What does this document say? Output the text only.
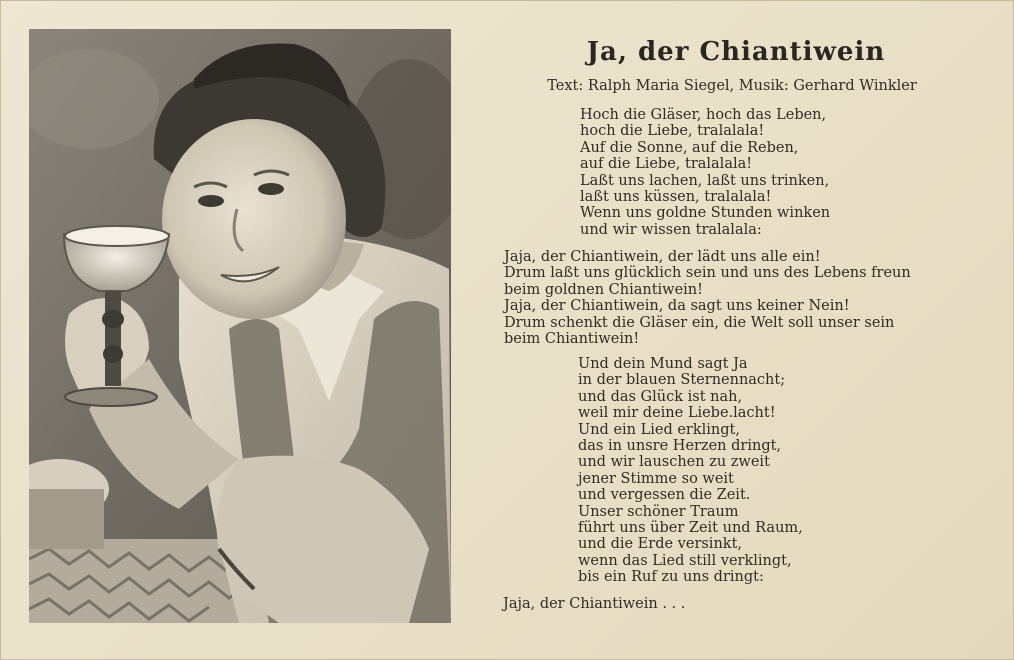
Ja, der Chiantiwein
Text: Ralph Maria Siegel, Musik: Gerhard Winkler
Hoch die Gläser, hoch das Leben,
hoch die Liebe, tralalala!
Auf die Sonne, auf die Reben,
auf die Liebe, tralalala!
Laßt uns lachen, laßt uns trinken,
laßt uns küssen, tralalala!
Wenn uns goldne Stunden winken
und wir wissen tralalala:
Jaja, der Chiantiwein, der lädt uns alle ein!
Drum laßt uns glücklich sein und uns des Lebens freun
beim goldnen Chiantiwein!
Jaja, der Chiantiwein, da sagt uns keiner Nein!
Drum schenkt die Gläser ein, die Welt soll unser sein
beim Chiantiwein!
Und dein Mund sagt Ja
in der blauen Sternennacht;
und das Glück ist nah,
weil mir deine Liebe.lacht!
Und ein Lied erklingt,
das in unsre Herzen dringt,
und wir lauschen zu zweit
jener Stimme so weit
und vergessen die Zeit.
Unser schöner Traum
führt uns über Zeit und Raum,
und die Erde versinkt,
wenn das Lied still verklingt,
bis ein Ruf zu uns dringt:
Jaja, der Chiantiwein . . .
